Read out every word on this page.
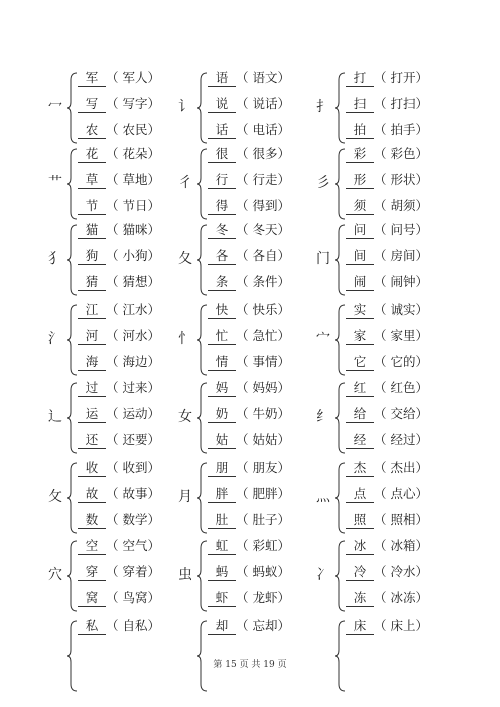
冖
军 （ 军人）
写 （ 写字）
农 （ 农民）
讠
语 （ 语文）
说 （ 说话）
话 （ 电话）
扌
打 （ 打开）
扫 （ 打扫）
拍 （ 拍手）
艹
花 （ 花朵）
草 （ 草地）
节 （ 节日）
彳
很 （ 很多）
行 （ 行走）
得 （ 得到）
彡
彩 （ 彩色）
形 （ 形状）
须 （ 胡须）
犭
猫 （ 猫咪）
狗 （ 小狗）
猜 （ 猜想）
夂
冬 （ 冬天）
各 （ 各自）
条 （ 条件）
门
问 （ 问号）
间 （ 房间）
闹 （ 闹钟）
氵
江 （ 江水）
河 （ 河水）
海 （ 海边）
忄
快 （ 快乐）
忙 （ 急忙）
情 （ 事情）
宀
实 （ 诚实）
家 （ 家里）
它 （ 它的）
辶
过 （ 过来）
运 （ 运动）
还 （ 还要）
女
妈 （ 妈妈）
奶 （ 牛奶）
姑 （ 姑姑）
纟
红 （ 红色）
给 （ 交给）
经 （ 经过）
攵
收 （ 收到）
故 （ 故事）
数 （ 数学）
月
朋 （ 朋友）
胖 （ 肥胖）
肚 （ 肚子）
灬
杰 （ 杰出）
点 （ 点心）
照 （ 照相）
穴
空 （ 空气）
穿 （ 穿着）
窝 （ 鸟窝）
虫
虹 （ 彩虹）
蚂 （ 蚂蚁）
虾 （ 龙虾）
冫
冰 （ 冰箱）
冷 （ 冷水）
冻 （ 冰冻）
私 （ 自私）	却 （ 忘却）	床 （ 床上）
第 15 页 共 19 页
